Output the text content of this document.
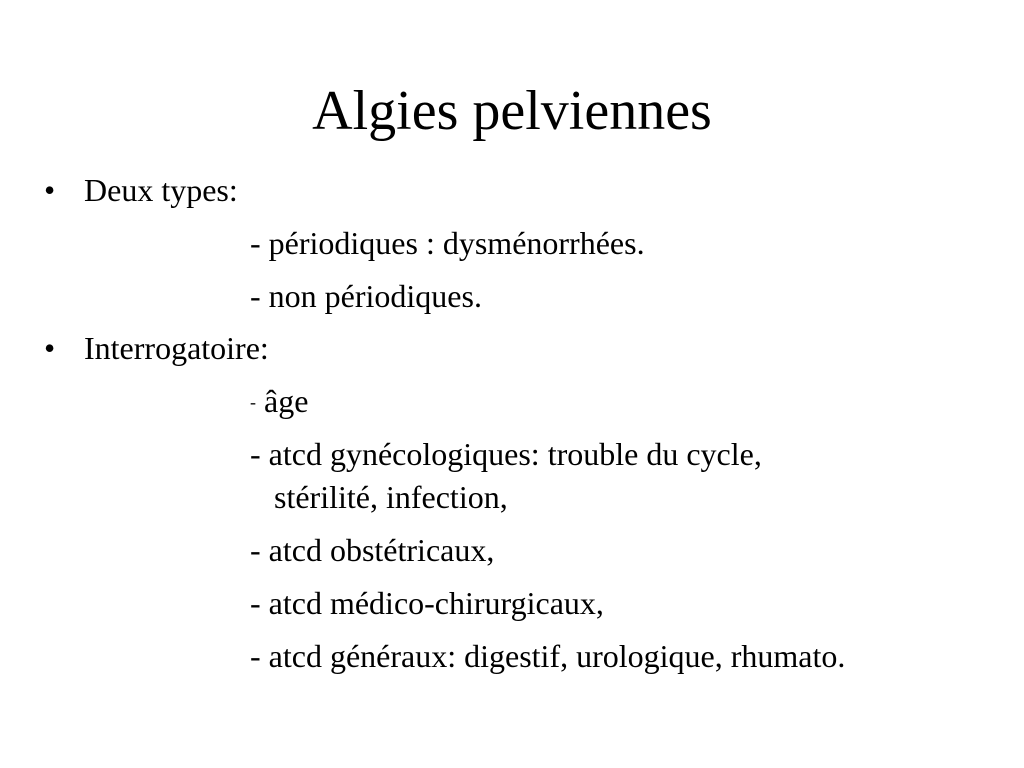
Algies pelviennes
• Deux types:
- périodiques : dysménorrhées.
- non périodiques.
• Interrogatoire:
- âge
- atcd gynécologiques: trouble du cycle,
stérilité, infection,
- atcd obstétricaux,
- atcd médico-chirurgicaux,
- atcd généraux: digestif, urologique, rhumato.
